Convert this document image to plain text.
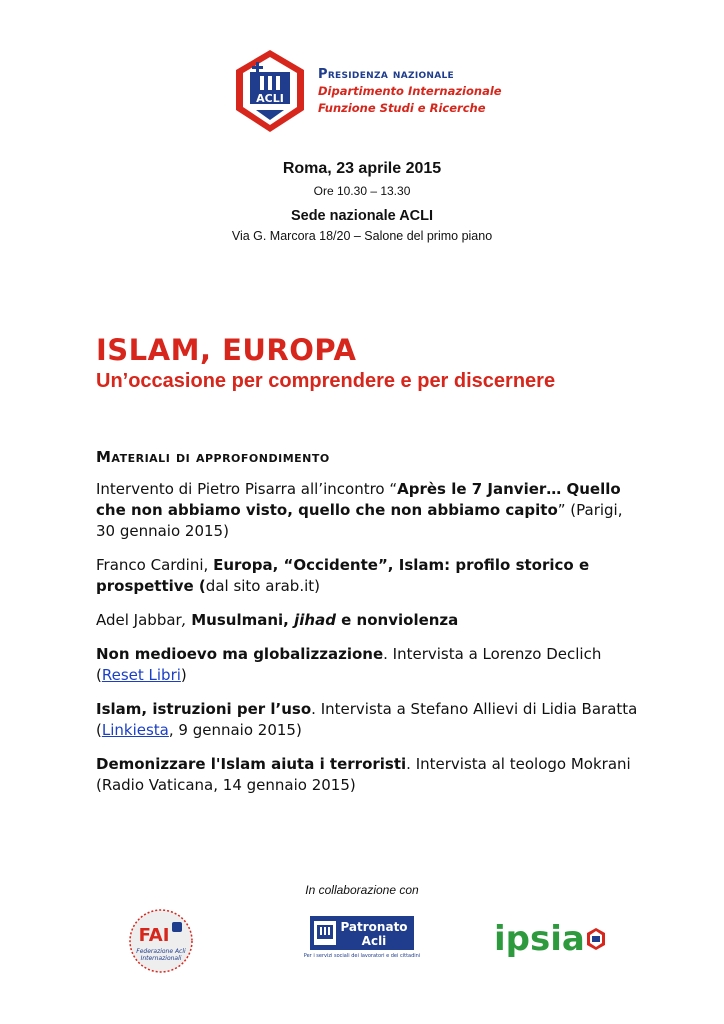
ACLI
Presidenza nazionale
Dipartimento Internazionale
Funzione Studi e Ricerche
Roma, 23 aprile 2015
Ore 10.30 – 13.30
Sede nazionale ACLI
Via G. Marcora 18/20 – Salone del primo piano
ISLAM, EUROPA
Un’occasione per comprendere e per discernere
Materiali di approfondimento
Intervento di Pietro Pisarra all’incontro “Après le 7 Janvier… Quello che non abbiamo visto, quello che non abbiamo capito” (Parigi, 30 gennaio 2015)
Franco Cardini, Europa, “Occidente”, Islam: profilo storico e prospettive (dal sito arab.it)
Adel Jabbar, Musulmani, jihad e nonviolenza
Non medioevo ma globalizzazione. Intervista a Lorenzo Declich (Reset Libri)
Islam, istruzioni per l’uso. Intervista a Stefano Allievi di Lidia Baratta (Linkiesta, 9 gennaio 2015)
Demonizzare l'Islam aiuta i terroristi. Intervista al teologo Mokrani (Radio Vaticana, 14 gennaio 2015)
In collaborazione con
FAI
Federazione Acli
Internazionali
Patronato
Acli
Per i servizi sociali dei lavoratori e dei cittadini ipsia
